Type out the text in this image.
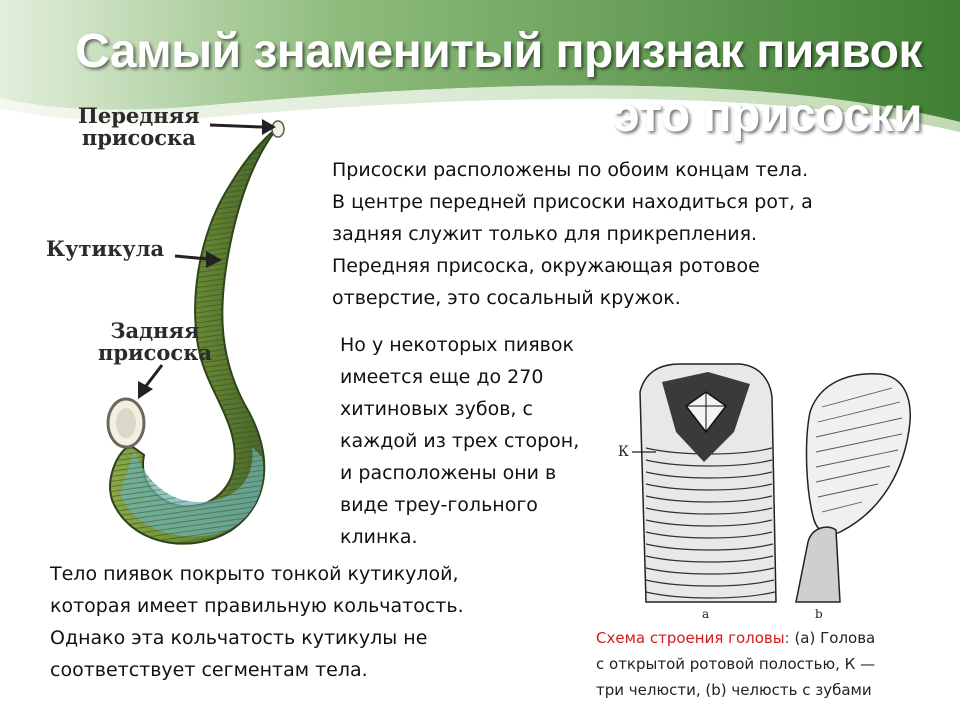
Самый знаменитый признак пиявок
это присоски
Передняя
присоска
Кутикула
Задняя
присоска
Присоски расположены по обоим концам тела.
В центре передней присоски находиться рот, а
задняя служит только для прикрепления.
Передняя присоска, окружающая ротовое
отверстие, это сосальный кружок.
Но у некоторых пиявок
имеется еще до 270
хитиновых зубов, с
каждой из трех сторон,
и расположены они в
виде треу-гольного
клинка.
Тело пиявок покрыто тонкой кутикулой,
которая имеет правильную кольчатость.
Однако эта кольчатость кутикулы не
соответствует сегментам тела.
К
a	b
Схема строения головы: (a) Голова
с открытой ротовой полостью, К —
три челюсти, (b) челюсть с зубами
